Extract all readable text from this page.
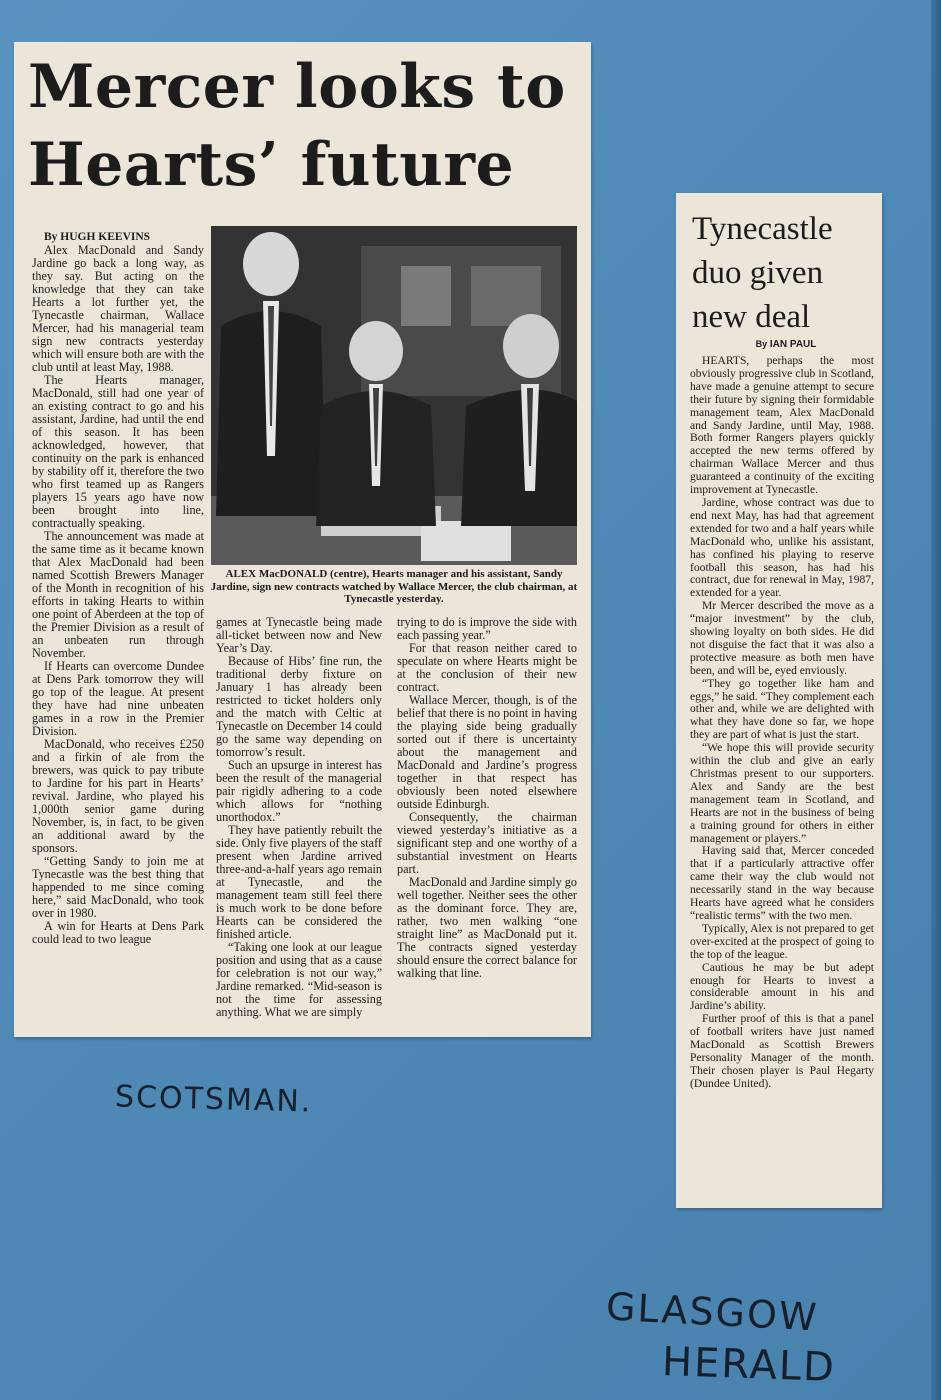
Mercer looks to
Hearts’ future

By HUGH KEEVINS

Alex MacDonald and Sandy Jardine go back a long way, as they say. But acting on the knowledge that they can take Hearts a lot further yet, the Tynecastle chairman, Wallace Mercer, had his managerial team sign new contracts yesterday which will ensure both are with the club until at least May, 1988.

The Hearts manager, MacDonald, still had one year of an existing contract to go and his assistant, Jardine, had until the end of this season. It has been acknowledged, however, that continuity on the park is enhanced by stability off it, therefore the two who first teamed up as Rangers players 15 years ago have now been brought into line, contractually speaking.

The announcement was made at the same time as it became known that Alex MacDonald had been named Scottish Brewers Manager of the Month in recognition of his efforts in taking Hearts to within one point of Aberdeen at the top of the Premier Division as a result of an unbeaten run through November.

If Hearts can overcome Dundee at Dens Park tomorrow they will go top of the league. At present they have had nine unbeaten games in a row in the Premier Division.

MacDonald, who receives £250 and a firkin of ale from the brewers, was quick to pay tribute to Jardine for his part in Hearts’ revival. Jardine, who played his 1,000th senior game during November, is, in fact, to be given an additional award by the sponsors.

“Getting Sandy to join me at Tynecastle was the best thing that happended to me since coming here,” said MacDonald, who took over in 1980.

A win for Hearts at Dens Park could lead to two league

ALEX MacDONALD (centre), Hearts manager and his assistant, Sandy Jardine, sign new contracts watched by Wallace Mercer, the club chairman, at Tynecastle yesterday.

games at Tynecastle being made all-ticket between now and New Year’s Day.

Because of Hibs’ fine run, the traditional derby fixture on January 1 has already been restricted to ticket holders only and the match with Celtic at Tynecastle on December 14 could go the same way depending on tomorrow’s result.

Such an upsurge in interest has been the result of the managerial pair rigidly adhering to a code which allows for “nothing unorthodox.”

They have patiently rebuilt the side. Only five players of the staff present when Jardine arrived three-and-a-half years ago remain at Tynecastle, and the management team still feel there is much work to be done before Hearts can be considered the finished article.

“Taking one look at our league position and using that as a cause for celebration is not our way,” Jardine remarked. “Mid-season is not the time for assessing anything. What we are simply

trying to do is improve the side with each passing year.”

For that reason neither cared to speculate on where Hearts might be at the conclusion of their new contract.

Wallace Mercer, though, is of the belief that there is no point in having the playing side being gradually sorted out if there is uncertainty about the management and MacDonald and Jardine’s progress together in that respect has obviously been noted elsewhere outside Edinburgh.

Consequently, the chairman viewed yesterday’s initiative as a significant step and one worthy of a substantial investment on Hearts part.

MacDonald and Jardine simply go well together. Neither sees the other as the dominant force. They are, rather, two men walking “one straight line” as MacDonald put it. The contracts signed yesterday should ensure the correct balance for walking that line.

Tynecastle
duo given
new deal
By IAN PAUL

HEARTS, perhaps the most obviously progressive club in Scotland, have made a genuine attempt to secure their future by signing their formidable management team, Alex MacDonald and Sandy Jardine, until May, 1988. Both former Rangers players quickly accepted the new terms offered by chairman Wallace Mercer and thus guaranteed a continuity of the exciting improvement at Tynecastle.

Jardine, whose contract was due to end next May, has had that agreement extended for two and a half years while MacDonald who, unlike his assistant, has confined his playing to reserve football this season, has had his contract, due for renewal in May, 1987, extended for a year.

Mr Mercer described the move as a “major investment” by the club, showing loyalty on both sides. He did not disguise the fact that it was also a protective measure as both men have been, and will be, eyed enviously.

“They go together like ham and eggs,” he said. “They complement each other and, while we are delighted with what they have done so far, we hope they are part of what is just the start.

“We hope this will provide security within the club and give an early Christmas present to our supporters. Alex and Sandy are the best management team in Scotland, and Hearts are not in the business of being a training ground for others in either management or players.”

Having said that, Mercer conceded that if a particularly attractive offer came their way the club would not necessarily stand in the way because Hearts have agreed what he considers “realistic terms” with the two men.

Typically, Alex is not prepared to get over-excited at the prospect of going to the top of the league.

Cautious he may be but adept enough for Hearts to invest a considerable amount in his and Jardine’s ability.

Further proof of this is that a panel of football writers have just named MacDonald as Scottish Brewers Personality Manager of the month. Their chosen player is Paul Hegarty (Dundee United).

SCOTSMAN.
GLASGOW
HERALD
